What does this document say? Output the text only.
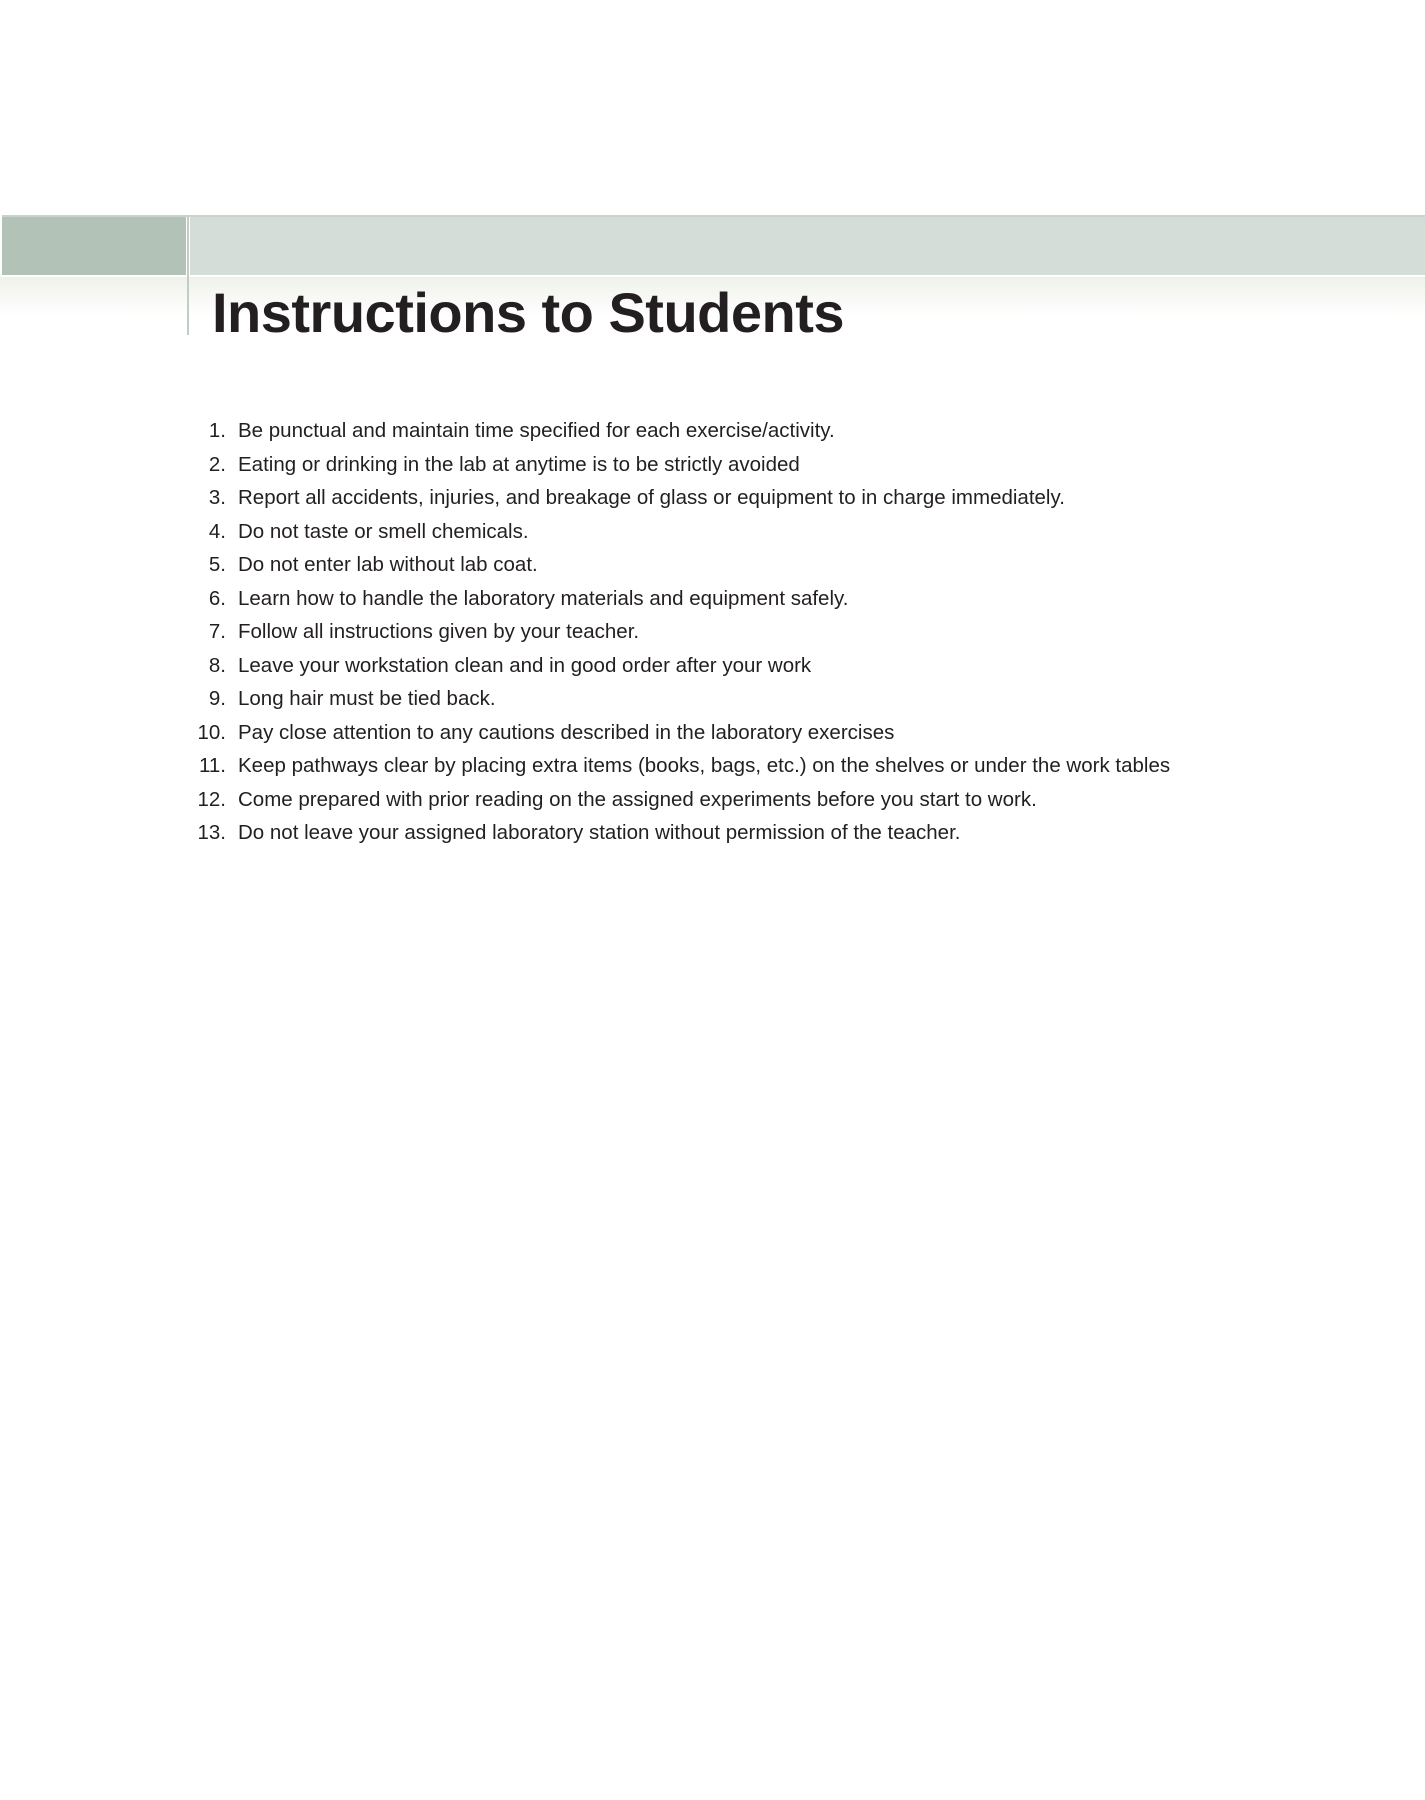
Instructions to Students
1. Be punctual and maintain time specified for each exercise/activity.
2. Eating or drinking in the lab at anytime is to be strictly avoided
3. Report all accidents, injuries, and breakage of glass or equipment to in charge immediately.
4. Do not taste or smell chemicals.
5. Do not enter lab without lab coat.
6. Learn how to handle the laboratory materials and equipment safely.
7. Follow all instructions given by your teacher.
8. Leave your workstation clean and in good order after your work
9. Long hair must be tied back.
10. Pay close attention to any cautions described in the laboratory exercises
11. Keep pathways clear by placing extra items (books, bags, etc.) on the shelves or under the work tables
12. Come prepared with prior reading on the assigned experiments before you start to work.
13. Do not leave your assigned laboratory station without permission of the teacher.
